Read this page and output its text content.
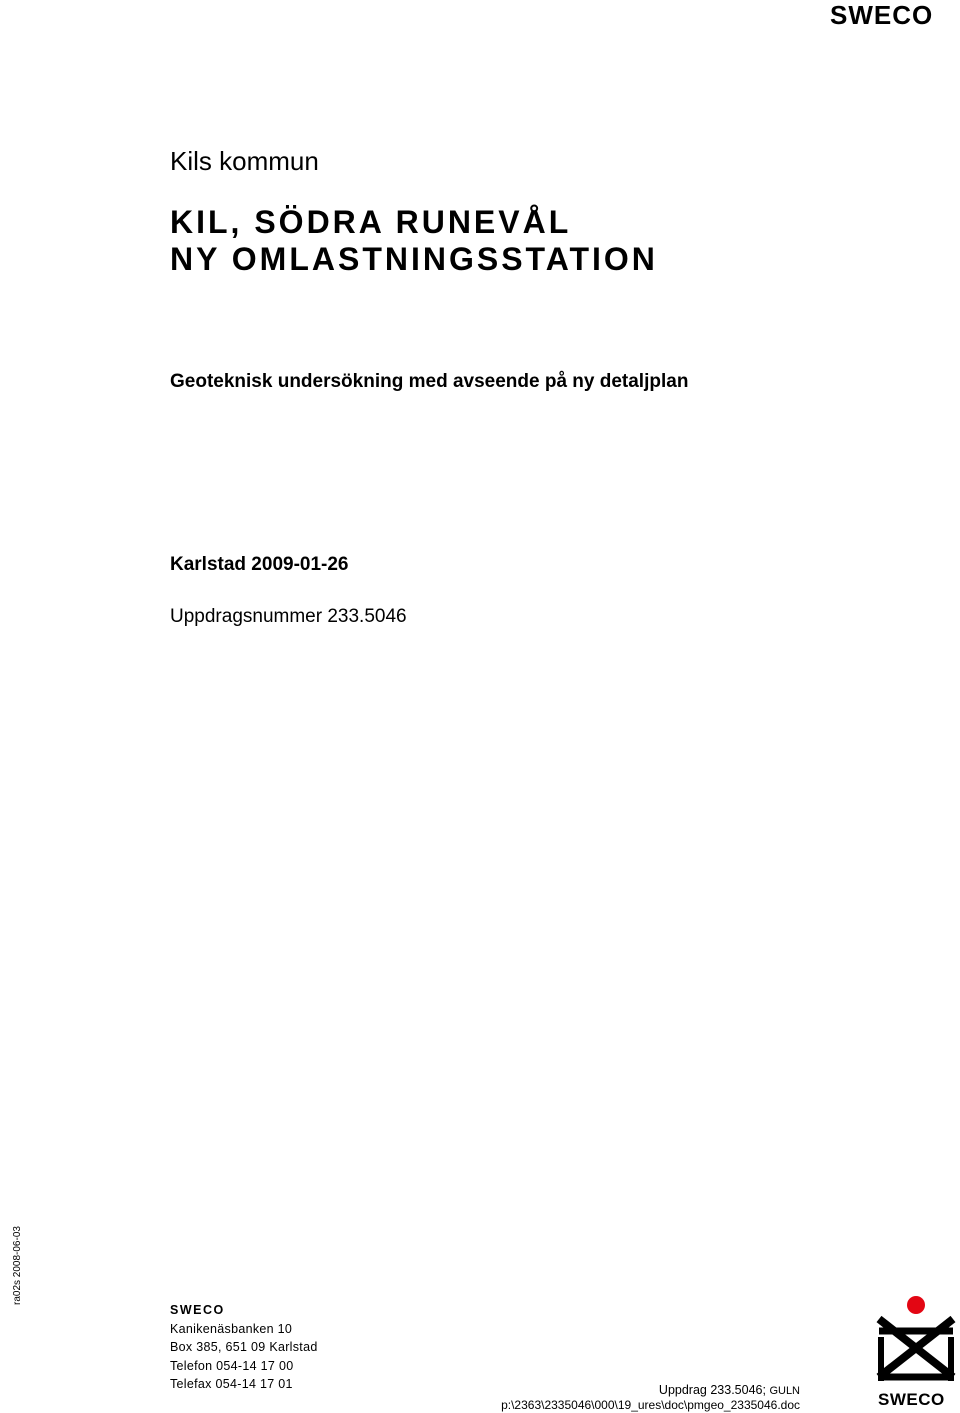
SWECO
Kils kommun
KIL, SÖDRA RUNEVÅL
NY OMLASTNINGSSTATION
Geoteknisk undersökning med avseende på ny detaljplan
Karlstad 2009-01-26
Uppdragsnummer 233.5046
ra02s 2008-06-03
SWECO
Kanikenäsbanken 10
Box 385, 651 09 Karlstad
Telefon 054-14 17 00
Telefax 054-14 17 01	Uppdrag 233.5046; GULN
p:\2363\2335046\000\19_ures\doc\pmgeo_2335046.doc	SWECO
